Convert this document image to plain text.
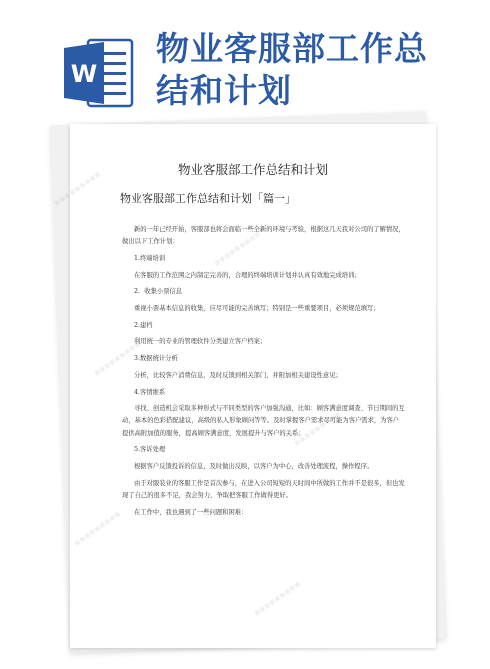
W
物业客服部工作总
结和计划
▪▪▪▪▪▪▪▪▪
▪▪▪▪▪▪▪▪▪
▪▪▪▪▪▪▪▪▪
▪▪▪▪▪▪▪▪▪
▪▪▪▪▪▪▪▪▪
▪▪▪▪▪▪▪▪▪
物业客服部工作总结和计划
物业客服部工作总结和计划「篇一」

新的一年已经开始，客服部也将会面临一些全新的环境与考验，根据这几天我对公司的了解情况，做出以下工作计划：

1.终端培训

在客服的工作范围之内制定完善的，合理的终端培训计划并认真有效地完成培训；

2．收集小票信息

重视小票基本信息的收集，应尽可能的完善填写；特别是一些重要项目，必须规范填写；

2.建档

利用统一的专业的管理软件分类建立客户档案；

3.数据统计分析

分析，比较客户消费信息，及时反馈到相关部门，并附加相关建设性意见；

4.客情维系

寻找、创造机会采取多种形式与不同类型的客户加强沟通，比如：顾客满意度调查、节日期间的互动，基本的色彩搭配建议，高级的私人形象顾问等等。及时掌握客户需求尽可能为客户需求，为客户提供高附加值的服务，提高顾客满意度，发展提升与客户的关系；

5.客诉处理

根据客户反馈投诉的信息，及时做出反映，以客户为中心，改善处理流程，操作程序。

由于对服装业的客服工作是首次参与，在进入公司短短的天时间中所做的工作并不是很多，但也发现了自己的很多不足，我会努力，争取把客服工作做得更好。

在工作中，我也遇到了一些问题和困难：
